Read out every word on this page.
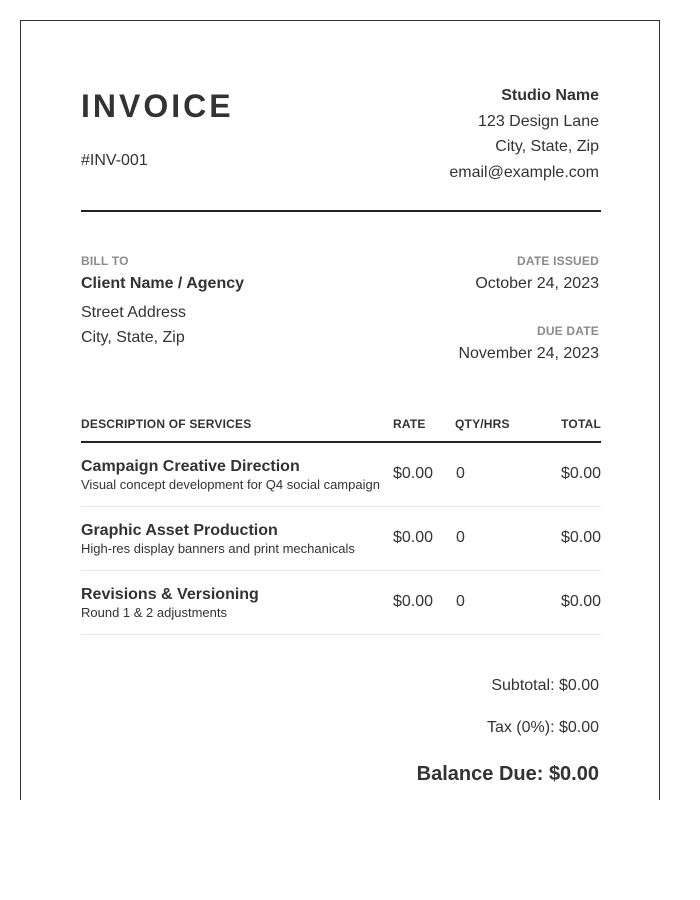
INVOICE
#INV-001
Studio Name
123 Design Lane
City, State, Zip
email@example.com
BILL TO
Client Name / Agency
Street Address
City, State, Zip
DATE ISSUED
October 24, 2023
DUE DATE
November 24, 2023
DESCRIPTION OF SERVICES	RATE QTY/HRS	TOTAL
Campaign Creative Direction
Visual concept development for Q4 social campaign
$0.00 0	$0.00
Graphic Asset Production
High-res display banners and print mechanicals
$0.00 0	$0.00
Revisions & Versioning
Round 1 & 2 adjustments
$0.00 0	$0.00
Subtotal: $0.00
Tax (0%): $0.00
Balance Due: $0.00
